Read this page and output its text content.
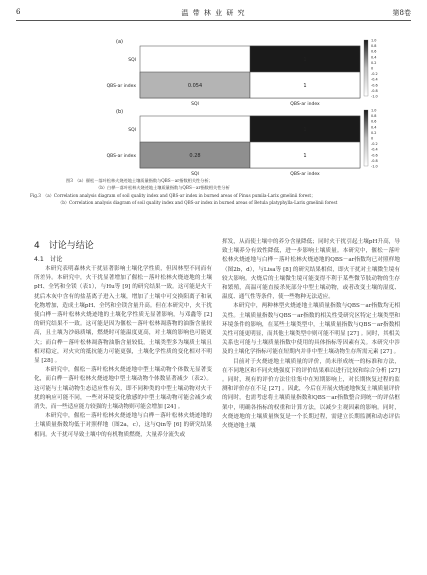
6	温 带 林 业 研 究	第8卷
(a)
1
0.054	1
SQI
QBS-ar index
SQI	QBS-ar index
1.0
0.8
0.6
0.4
0.2
0
-0.2
-0.4
-0.6
-0.8
-1.0
(b)
1
0.28	1
SQI
QBS-ar index
SQI	QBS-ar index
1.0
0.8
0.6
0.4
0.2
0
-0.2
-0.4
-0.6
-0.8
-1.0
图3　（a）偃松－落叶松林火烧迹地土壤质量指数与QBS－ar指数相关性分析；
（b）白桦－落叶松林火烧迹地土壤质量指数与QBS－ar指数相关性分析
Fig.3　（a）Correlation analysis diagram of soil quality index and QBS-ar index in burned areas of Pinus pumila-Larix gmelinii forest；
（b）Correlation analysis diagram of soil quality index and QBS-ar index in burned areas of Betula platyphylla-Larix gmelinii forest
4　讨论与结论
4.1　讨论

本研究表明森林火干扰显著影响土壤化学性质，但因林型不同而有所差异。本研究中，火干扰显著增加了偃松－落叶松林火烧迹地的土壤pH、全钙和全镁（表1），与Hu等 [9] 的研究结果一致。这可能是火干扰后木灰中含有的盐基离子进入土壤，增加了土壤中可交换阳离子和氧化物增加，造成土壤pH、全钙和全镁含量升高。但在本研究中，火干扰使白桦－落叶松林火烧迹地的土壤化学性质无显著影响，与邓鑫等 [2] 的研究结果不一致。这可能是因为偃松－落叶松林凋落物的油脂含量较高，且土壤为沙砾质壤，燃烧时可能温度更高，对土壤的影响也可能更大；而白桦－落叶松林凋落物油脂含量较低，土壤类型多为壤质土壤且相对稳定，对火灾的抵抗能力可能更强，土壤化学性质的变化相对不明显 [28] 。

本研究中，偃松－落叶松林火烧迹地中型土壤动物个体数无显著变化，而白桦－落叶松林火烧迹地中型土壤动物个体数显著减少（表2）。这可能与土壤动物生态适应性有关，即不同种类的中型土壤动物对火干扰的响应可能不同，一些对环境变化敏感的中型土壤动物可能会减少或消失，而一些适应能力较强的土壤动物则可能会增加 [24] 。

本研究中，偃松－落叶松林火烧迹地与白桦－落叶松林火烧迹地的土壤质量指数均低于对照样地（图2a，c），这与Qin等 [6] 的研究结果相同。火干扰可导致土壤中的有机物质燃烧，大量养分流失或

挥发，从而使土壤中的养分含量降低；同时火干扰引起土壤pH升高，导致土壤养分有效性降低，进一步影响土壤质量。本研究中，偃松－落叶松林火烧迹地与白桦－落叶松林火烧迹地的QBS－ar指数均已对照样地（图2b，d），与Lisa等 [8] 的研究结果相似，即火干扰对土壤微生境有较大影响。火烧后的土壤微生境可能变得不利于某些微节肢动物的生存和繁殖，高温可能直接杀死部分中型土壤动物，或者改变土壤的湿度、温度、通气性等条件，使一些物种无法适应。

本研究中，两种林型火烧迹地土壤质量指数与QBS－ar指数均无相关性。土壤质量指数与QBS－ar指数的相关性受研究区特定土壤类型和环境条件的影响，在某些土壤类型中，土壤质量指数与QBS－ar指数相关性可能更明显，而其他土壤类型中则可能不明显 [27] 。同时，其相关关系也可能与土壤质量指数中使用的具体指标等因素有关。本研究中涉及的土壤化学指标可能在短期内并非中型土壤动物生存所需元素 [27] 。

目前对于火烧迹地土壤质量的评价，尚未形成统一的标准和方法，在不同地区和不同火烧强度下的评价结果难以进行比较和综合分析 [27] 。同时，现有的评价方法往往集中在短期影响上，对长期恢复过程的监测和评价存在不足 [27] 。因此，今后在开展火烧迹地恢复土壤质量评价的同时，也需考虑将土壤质量指数和QBS－ar指数整合到统一的评估框架中，明确各指标的权重和计算方法，以减少主观因素的影响。同时，火烧迹地的土壤质量恢复是一个长期过程，需建立长期监测和动态评估火烧迹地土壤
